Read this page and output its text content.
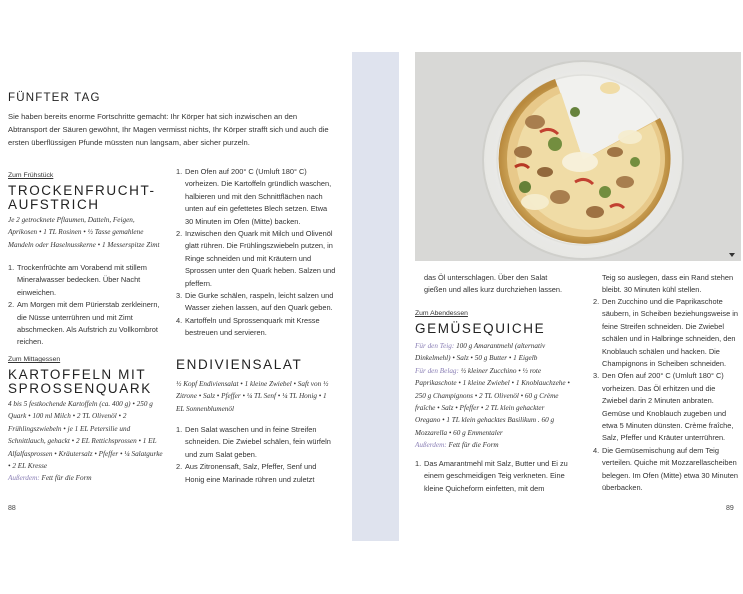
FÜNFTER TAG
Sie haben bereits enorme Fortschritte gemacht: Ihr Körper hat sich inzwischen an den Abtransport der Säuren gewöhnt, Ihr Magen vermisst nichts, Ihr Körper strafft sich und auch die ersten überflüssigen Pfunde müssten nun langsam, aber sicher purzeln.
Zum Frühstück
TROCKENFRUCHT-
AUFSTRICH
Je 2 getrocknete Pflaumen, Datteln, Feigen, Aprikosen • 1 TL Rosinen • ½ Tasse gemahlene Mandeln oder Haselnusskerne • 1 Messerspitze Zimt
1. Trockenfrüchte am Vorabend mit stillem Mineralwasser bedecken. Über Nacht einweichen.
2. Am Morgen mit dem Pürierstab zerkleinern, die Nüsse unterrühren und mit Zimt abschmecken. Als Aufstrich zu Vollkornbrot reichen.
Zum Mittagessen
KARTOFFELN MIT
SPROSSENQUARK
4 bis 5 festkochende Kartoffeln (ca. 400 g) • 250 g Quark • 100 ml Milch • 2 TL Olivenöl • 2 Frühlingszwiebeln • je 1 EL Petersilie und Schnittlauch, gehackt • 2 EL Rettichsprossen • 1 EL Alfalfasprossen • Kräutersalz • Pfeffer • ¼ Salatgurke • 2 EL Kresse
Außerdem: Fett für die Form
1. Den Ofen auf 200° C (Umluft 180° C) vorheizen. Die Kartoffeln gründlich waschen, halbieren und mit den Schnittflächen nach unten auf ein gefettetes Blech setzen. Etwa 30 Minuten im Ofen (Mitte) backen.
2. Inzwischen den Quark mit Milch und Olivenöl glatt rühren. Die Frühlingszwiebeln putzen, in Ringe schneiden und mit Kräutern und Sprossen unter den Quark heben. Salzen und pfeffern.
3. Die Gurke schälen, raspeln, leicht salzen und Wasser ziehen lassen, auf den Quark geben.
4. Kartoffeln und Sprossenquark mit Kresse bestreuen und servieren.
ENDIVIENSALAT
½ Kopf Endiviensalat • 1 kleine Zwiebel • Saft von ½ Zitrone • Salz • Pfeffer • ¼ TL Senf • ¼ TL Honig • 1 EL Sonnenblumenöl
1. Den Salat waschen und in feine Streifen schneiden. Die Zwiebel schälen, fein würfeln und zum Salat geben.
2. Aus Zitronensaft, Salz, Pfeffer, Senf und Honig eine Marinade rühren und zuletzt
88
das Öl unterschlagen. Über den Salat gießen und alles kurz durchziehen lassen.
Zum Abendessen
GEMÜSEQUICHE
Für den Teig: 100 g Amarantmehl (alternativ Dinkelmehl) • Salz • 50 g Butter • 1 Eigelb
Für den Belag: ½ kleiner Zucchino • ½ rote Paprikaschote • 1 kleine Zwiebel • 1 Knoblauchzehe • 250 g Champignons • 2 TL Olivenöl • 60 g Crème fraîche • Salz • Pfeffer • 2 TL klein gehackter Oregano • 1 TL klein gehacktes Basilikum . 60 g Mozzarella • 60 g Emmentaler
Außerdem: Fett für die Form
1. Das Amarantmehl mit Salz, Butter und Ei zu einem geschmeidigen Teig verkneten. Eine kleine Quicheform einfetten, mit dem
Teig so auslegen, dass ein Rand stehen bleibt. 30 Minuten kühl stellen.
2. Den Zucchino und die Paprikaschote säubern, in Scheiben beziehungsweise in feine Streifen schneiden. Die Zwiebel schälen und in Halbringe schneiden, den Knoblauch schälen und hacken. Die Champignons in Scheiben schneiden.
3. Den Ofen auf 200° C (Umluft 180° C) vorheizen. Das Öl erhitzen und die Zwiebel darin 2 Minuten anbraten. Gemüse und Knoblauch zugeben und etwa 5 Minuten dünsten. Crème fraîche, Salz, Pfeffer und Kräuter unterrühren.
4. Die Gemüsemischung auf dem Teig verteilen. Quiche mit Mozzarellascheiben belegen. Im Ofen (Mitte) etwa 30 Minuten überbacken.
89
